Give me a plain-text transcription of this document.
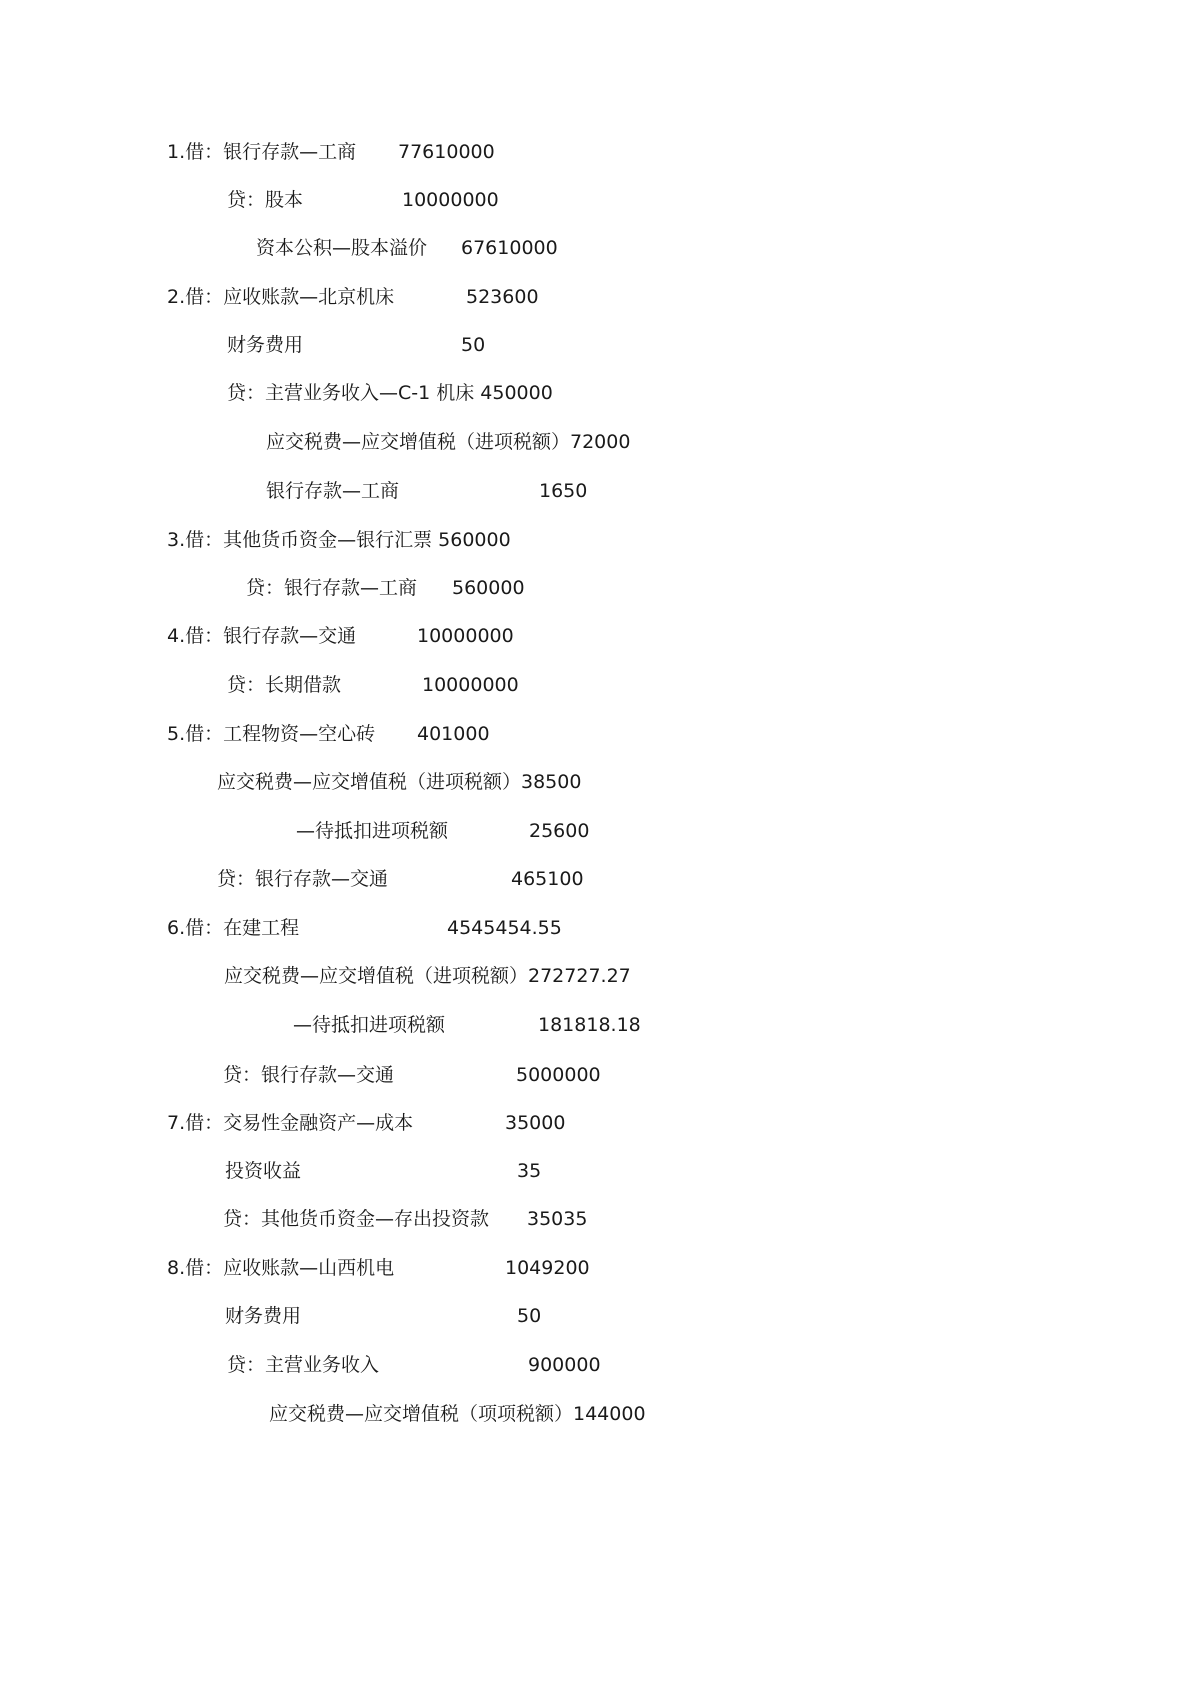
1.借：银行存款—工商 77610000
贷：股本	10000000
资本公积—股本溢价 67610000
2.借：应收账款—北京机床	523600
财务费用	50
贷：主营业务收入—C-1 机床 450000
应交税费—应交增值税（进项税额）72000
银行存款—工商	1650
3.借：其他货币资金—银行汇票 560000
贷：银行存款—工商 560000
4.借：银行存款—交通	10000000
贷：长期借款	10000000
5.借：工程物资—空心砖 401000
应交税费—应交增值税（进项税额）38500
—待抵扣进项税额	25600
贷：银行存款—交通	465100
6.借：在建工程	4545454.55
应交税费—应交增值税（进项税额）272727.27
—待抵扣进项税额	181818.18
贷：银行存款—交通	5000000
7.借：交易性金融资产—成本	35000
投资收益	35
贷：其他货币资金—存出投资款 35035
8.借：应收账款—山西机电	1049200
财务费用	50
贷：主营业务收入	900000
应交税费—应交增值税（项项税额）144000
